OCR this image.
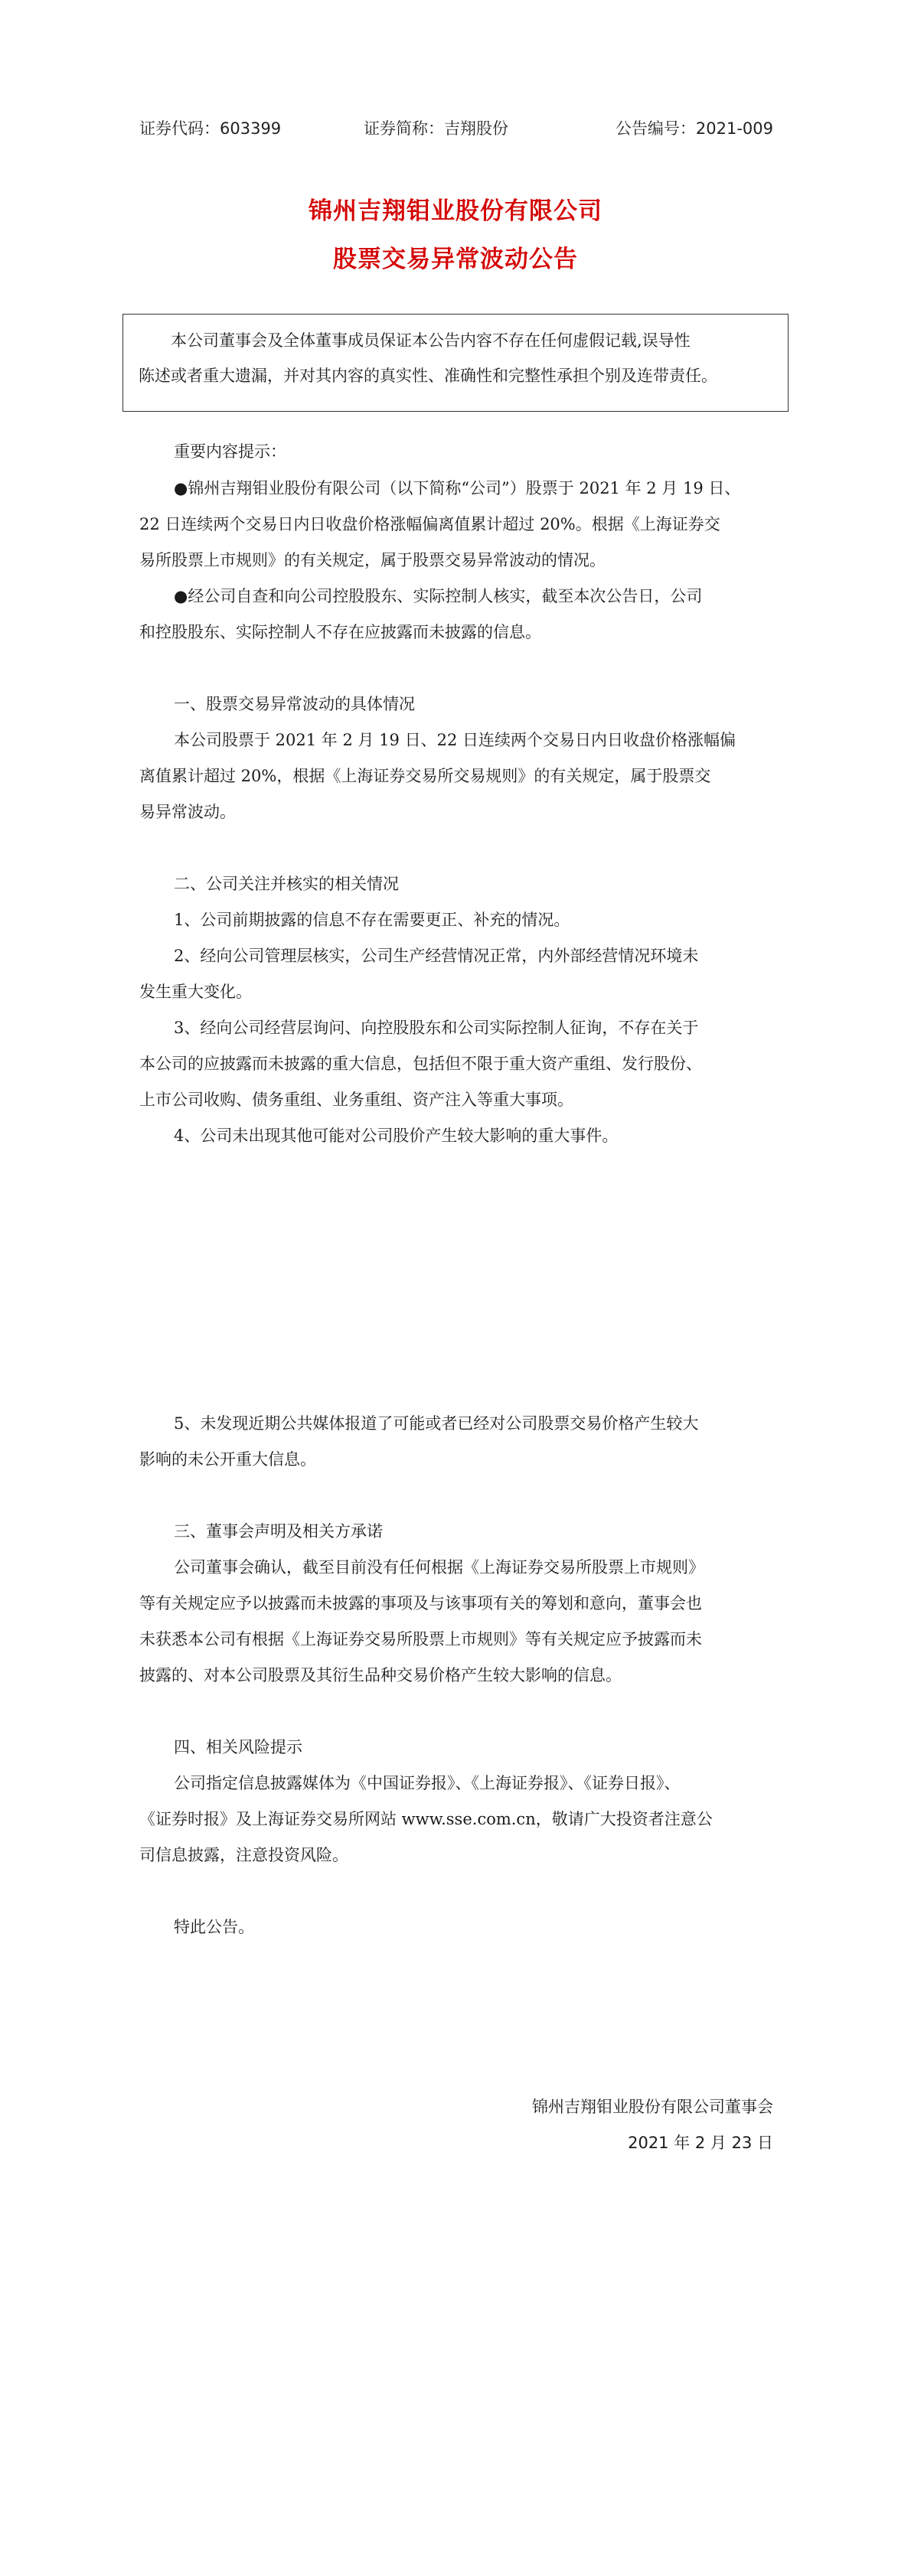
证券代码：603399	证券简称：吉翔股份	公告编号：2021-009
锦州吉翔钼业股份有限公司
股票交易异常波动公告

本公司董事会及全体董事成员保证本公告内容不存在任何虚假记载,误导性

陈述或者重大遗漏，并对其内容的真实性、准确性和完整性承担个别及连带责任。

重要内容提示：

●锦州吉翔钼业股份有限公司（以下简称“公司”）股票于 2021 年 2 月 19 日、

22 日连续两个交易日内日收盘价格涨幅偏离值累计超过 20%。根据《上海证券交

易所股票上市规则》的有关规定，属于股票交易异常波动的情况。

●经公司自查和向公司控股股东、实际控制人核实，截至本次公告日，公司

和控股股东、实际控制人不存在应披露而未披露的信息。

一、股票交易异常波动的具体情况

本公司股票于 2021 年 2 月 19 日、22 日连续两个交易日内日收盘价格涨幅偏

离值累计超过 20%，根据《上海证券交易所交易规则》的有关规定，属于股票交

易异常波动。

二、公司关注并核实的相关情况

1、公司前期披露的信息不存在需要更正、补充的情况。

2、经向公司管理层核实，公司生产经营情况正常，内外部经营情况环境未

发生重大变化。

3、经向公司经营层询问、向控股股东和公司实际控制人征询，不存在关于

本公司的应披露而未披露的重大信息，包括但不限于重大资产重组、发行股份、

上市公司收购、债务重组、业务重组、资产注入等重大事项。

4、公司未出现其他可能对公司股价产生较大影响的重大事件。

5、未发现近期公共媒体报道了可能或者已经对公司股票交易价格产生较大

影响的未公开重大信息。

三、董事会声明及相关方承诺

公司董事会确认，截至目前没有任何根据《上海证券交易所股票上市规则》

等有关规定应予以披露而未披露的事项及与该事项有关的筹划和意向，董事会也

未获悉本公司有根据《上海证券交易所股票上市规则》等有关规定应予披露而未

披露的、对本公司股票及其衍生品种交易价格产生较大影响的信息。

四、相关风险提示

公司指定信息披露媒体为《中国证券报》、《上海证券报》、《证券日报》、

《证券时报》及上海证券交易所网站 www.sse.com.cn，敬请广大投资者注意公

司信息披露，注意投资风险。

特此公告。

锦州吉翔钼业股份有限公司董事会

2021 年 2 月 23 日
